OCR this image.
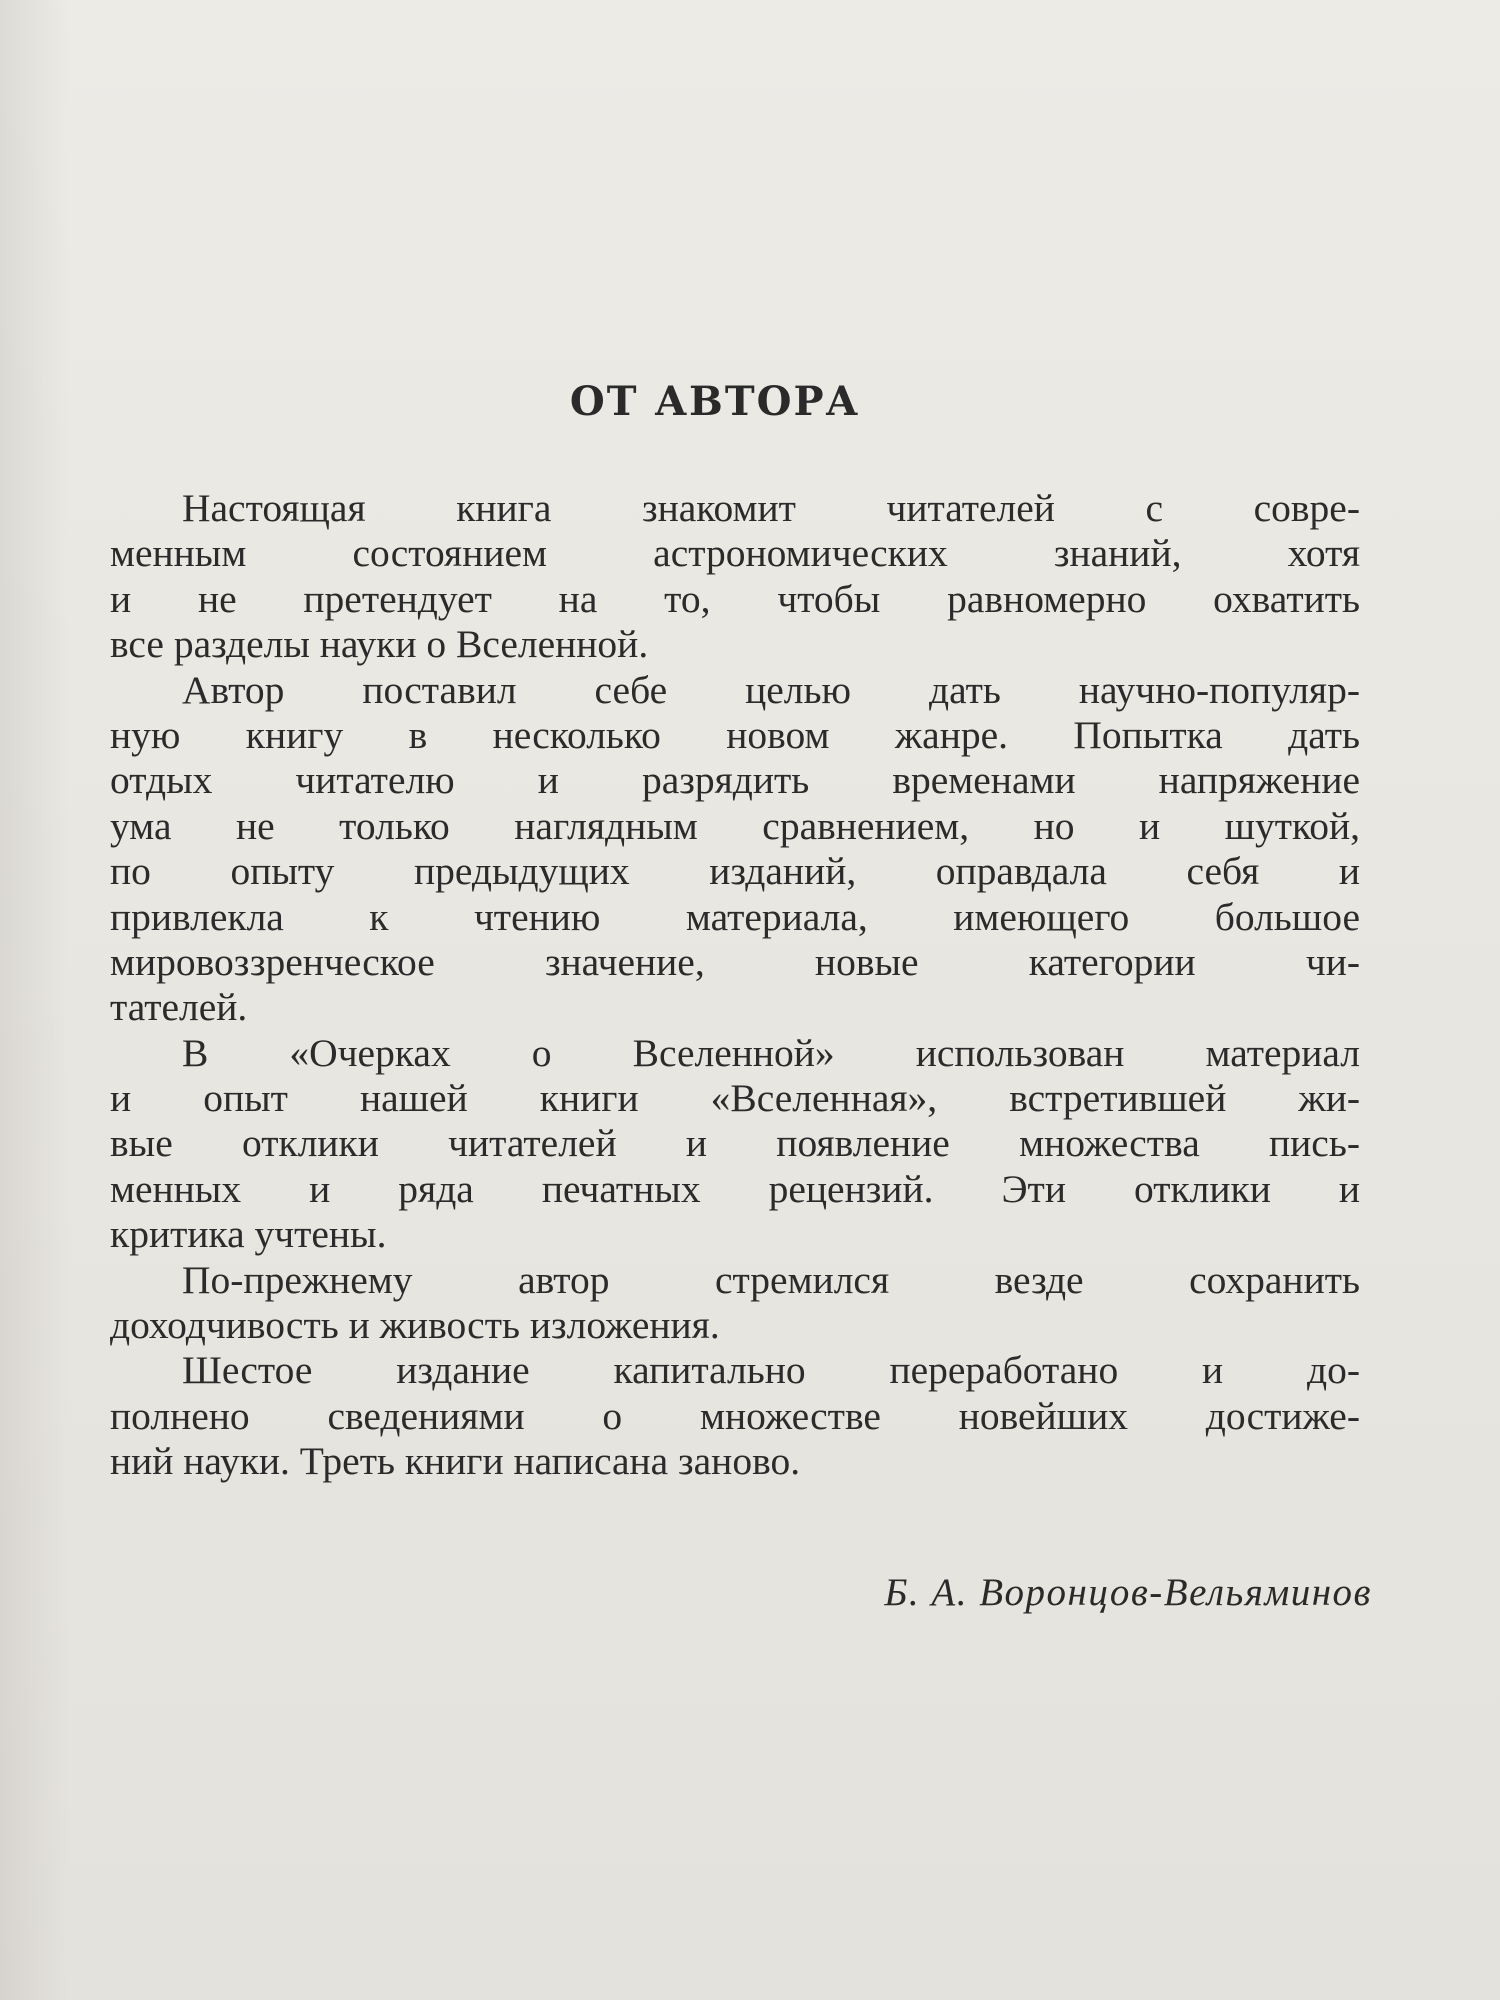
ОТ АВТОРА
Настоящая книга знакомит читателей с совре-
менным состоянием астрономических знаний, хотя
и не претендует на то, чтобы равномерно охватить
все разделы науки о Вселенной.
Автор поставил себе целью дать научно-популяр-
ную книгу в несколько новом жанре. Попытка дать
отдых читателю и разрядить временами напряжение
ума не только наглядным сравнением, но и шуткой,
по опыту предыдущих изданий, оправдала себя и
привлекла к чтению материала, имеющего большое
мировоззренческое значение, новые категории чи-
тателей.
В «Очерках о Вселенной» использован материал
и опыт нашей книги «Вселенная», встретившей жи-
вые отклики читателей и появление множества пись-
менных и ряда печатных рецензий. Эти отклики и
критика учтены.
По-прежнему автор стремился везде сохранить
доходчивость и живость изложения.
Шестое издание капитально переработано и до-
полнено сведениями о множестве новейших достиже-
ний науки. Треть книги написана заново.
Б. А. Воронцов-Вельяминов
